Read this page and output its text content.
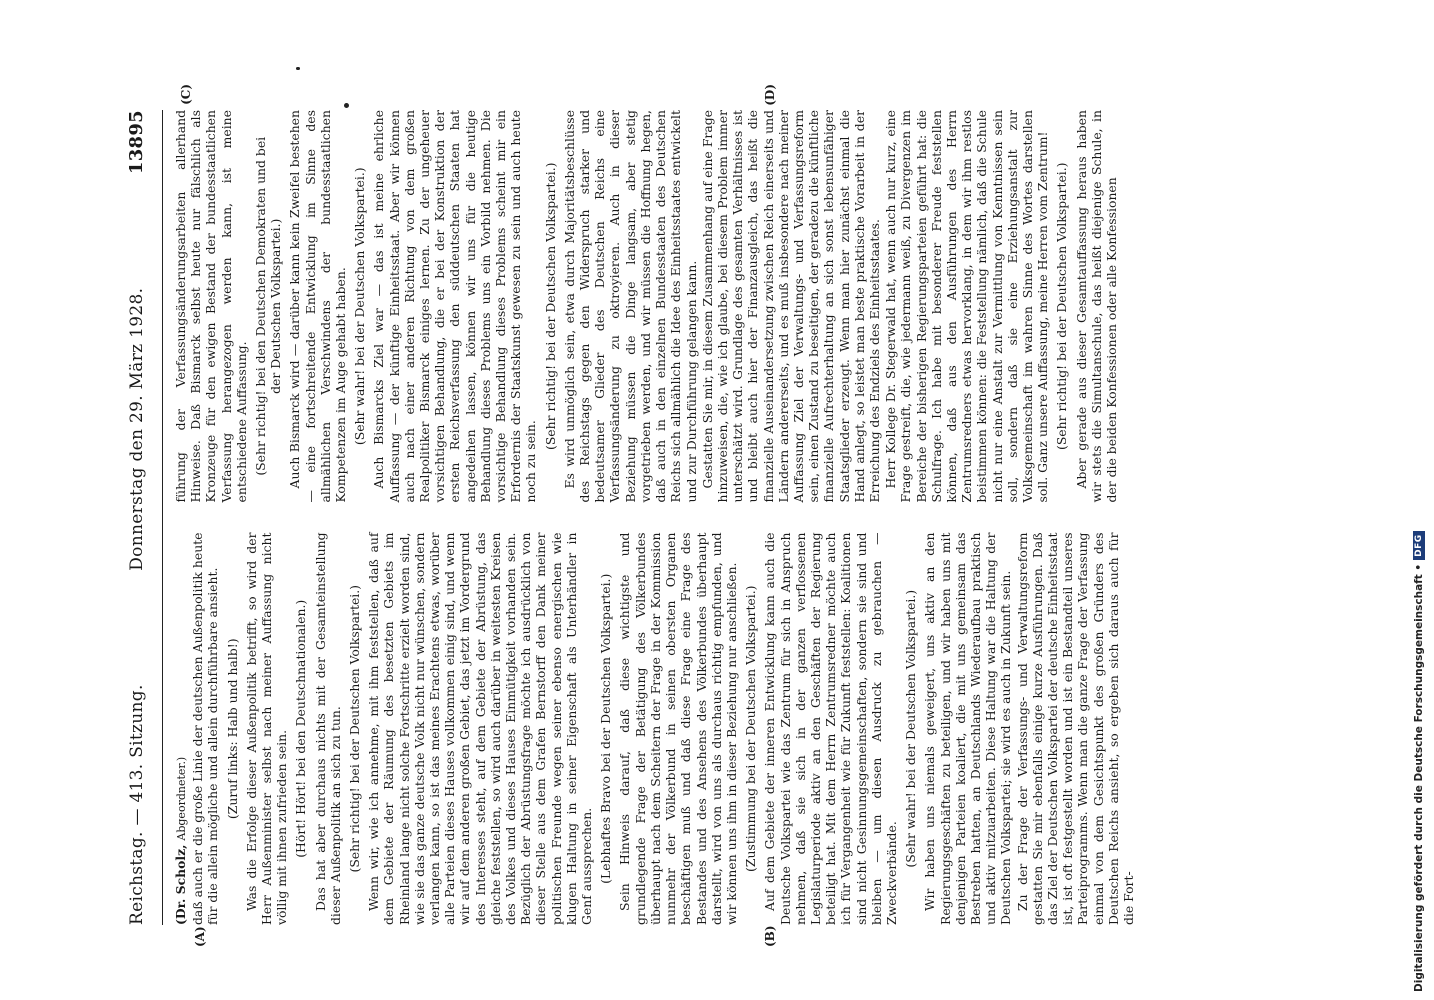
Reichstag. — 413. Sitzung.
Donnerstag den 29. März 1928.
13895

(Dr. Scholz, Abgeordneter.)

(A)	(B)

daß auch er die große Linie der deutschen Außenpolitik heute für die allein mögliche und allein durchführbare ansieht. (Zuruf links: Halb und halb!) Was die Erfolge dieser Außenpolitik betrifft, so wird der Herr Außenminister selbst nach meiner Auffassung nicht völlig mit ihnen zufrieden sein. (Hört! Hört! bei den Deutschnationalen.) Das hat aber durchaus nichts mit der Gesamteinstellung dieser Außenpolitik an sich zu tun. (Sehr richtig! bei der Deutschen Volkspartei.) Wenn wir, wie ich annehme, mit ihm feststellen, daß auf dem Gebiete der Räumung des besetzten Gebiets im Rheinland lange nicht solche Fortschritte erzielt worden sind, wie sie das ganze deutsche Volk nicht nur wünschen, sondern verlangen kann, so ist das meines Erachtens etwas, worüber alle Parteien dieses Hauses vollkommen einig sind, und wenn wir auf dem anderen großen Gebiet, das jetzt im Vordergrund des Interesses steht, auf dem Gebiete der Abrüstung, das gleiche feststellen, so wird auch darüber in weitesten Kreisen des Volkes und dieses Hauses Einmütigkeit vorhanden sein. Bezüglich der Abrüstungsfrage möchte ich ausdrücklich von dieser Stelle aus dem Grafen Bernstorff den Dank meiner politischen Freunde wegen seiner ebenso energischen wie klugen Haltung in seiner Eigenschaft als Unterhändler in Genf aussprechen. (Lebhaftes Bravo bei der Deutschen Volkspartei.) Sein Hinweis darauf, daß diese wichtigste und grundlegende Frage der Betätigung des Völkerbundes überhaupt nach dem Scheitern der Frage in der Kommission nunmehr der Völkerbund in seinen obersten Organen beschäftigen muß und daß diese Frage eine Frage des Bestandes und des Ansehens des Völkerbundes überhaupt darstellt, wird von uns als durchaus richtig empfunden, und wir können uns ihm in dieser Beziehung nur anschließen. (Zustimmung bei der Deutschen Volkspartei.) Auf dem Gebiete der inneren Entwicklung kann auch die Deutsche Volkspartei wie das Zentrum für sich in Anspruch nehmen, daß sie sich in der ganzen verflossenen Legislaturperiode aktiv an den Geschäften der Regierung beteiligt hat. Mit dem Herrn Zentrumsredner möchte auch ich für Vergangenheit wie für Zukunft feststellen: Koalitionen sind nicht Gesinnungsgemeinschaften, sondern sie sind und bleiben — um diesen Ausdruck zu gebrauchen — Zweckverbände.

(Sehr wahr! bei der Deutschen Volkspartei.) Wir haben uns niemals geweigert, uns aktiv an den Regierungsgeschäften zu beteiligen, und wir haben uns mit denjenigen Parteien koaliert, die mit uns gemeinsam das Bestreben hatten, an Deutschlands Wiederaufbau praktisch und aktiv mitzuarbeiten. Diese Haltung war die Haltung der Deutschen Volkspartei; sie wird es auch in Zukunft sein. Zu der Frage der Verfassungs- und Verwaltungsreform gestatten Sie mir ebenfalls einige kurze Ausführungen. Daß das Ziel der Deutschen Volkspartei der deutsche Einheitsstaat ist, ist oft festgestellt worden und ist ein Bestandteil unseres Parteiprogramms. Wenn man die ganze Frage der Verfassung einmal von dem Gesichtspunkt des großen Gründers des Deutschen Reichs ansieht, so ergeben sich daraus auch für die Fort-

(C)	(D)

führung der Verfassungsänderungsarbeiten allerhand Hinweise. Daß Bismarck selbst heute nur fälschlich als Kronzeuge für den ewigen Bestand der bundesstaatlichen Verfassung herangezogen werden kann, ist meine entschiedene Auffassung. (Sehr richtig! bei den Deutschen Demokraten und bei der Deutschen Volkspartei.) Auch Bismarck wird — darüber kann kein Zweifel bestehen — eine fortschreitende Entwicklung im Sinne des allmählichen Verschwindens der bundesstaatlichen Kompetenzen im Auge gehabt haben. (Sehr wahr! bei der Deutschen Volkspartei.) Auch Bismarcks Ziel war — das ist meine ehrliche Auffassung — der künftige Einheitsstaat. Aber wir können auch nach einer anderen Richtung von dem großen Realpolitiker Bismarck einiges lernen. Zu der ungeheuer vorsichtigen Behandlung, die er bei der Konstruktion der ersten Reichsverfassung den süddeutschen Staaten hat angedeihen lassen, können wir uns für die heutige Behandlung dieses Problems uns ein Vorbild nehmen. Die vorsichtige Behandlung dieses Problems scheint mir ein Erfordernis der Staatskunst gewesen zu sein und auch heute noch zu sein.

(Sehr richtig! bei der Deutschen Volkspartei.) Es wird unmöglich sein, etwa durch Majoritätsbeschlüsse des Reichstags gegen den Widerspruch starker und bedeutsamer Glieder des Deutschen Reichs eine Verfassungsänderung zu oktroyieren. Auch in dieser Beziehung müssen die Dinge langsam, aber stetig vorgetrieben werden, und wir müssen die Hoffnung hegen, daß auch in den einzelnen Bundesstaaten des Deutschen Reichs sich allmählich die Idee des Einheitsstaates entwickelt und zur Durchführung gelangen kann. Gestatten Sie mir, in diesem Zusammenhang auf eine Frage hinzuweisen, die, wie ich glaube, bei diesem Problem immer unterschätzt wird. Grundlage des gesamten Verhältnisses ist und bleibt auch hier der Finanzausgleich, das heißt die finanzielle Auseinandersetzung zwischen Reich einerseits und Ländern andererseits, und es muß insbesondere nach meiner Auffassung Ziel der Verwaltungs- und Verfassungsreform sein, einen Zustand zu beseitigen, der geradezu die künftliche finanzielle Aufrechterhaltung an sich sonst lebensunfähiger Staatsglieder erzeugt. Wenn man hier zunächst einmal die Hand anlegt, so leistet man beste praktische Vorarbeit in der Erreichung des Endziels des Einheitsstaates. Herr Kollege Dr. Stegerwald hat, wenn auch nur kurz, eine Frage gestreift, die, wie jedermann weiß, zu Divergenzen im Bereiche der bisherigen Regierungsparteien geführt hat: die Schulfrage. Ich habe mit besonderer Freude feststellen können, daß aus den Ausführungen des Herrn Zentrumsredners etwas hervorklang, in dem wir ihm restlos beistimmen können: die Feststellung nämlich, daß die Schule nicht nur eine Anstalt zur Vermittlung von Kenntnissen sein soll, sondern daß sie eine Erziehungsanstalt zur Volksgemeinschaft im wahren Sinne des Wortes darstellen soll. Ganz unsere Auffassung, meine Herren vom Zentrum! (Sehr richtig! bei der Deutschen Volkspartei.) Aber gerade aus dieser Gesamtauffassung heraus haben wir stets die Simultanschule, das heißt diejenige Schule, in der die beiden Konfessionen oder alle Konfessionen

Digitalisierung gefördert durch die Deutsche Forschungsgemeinschaft •
DFG
